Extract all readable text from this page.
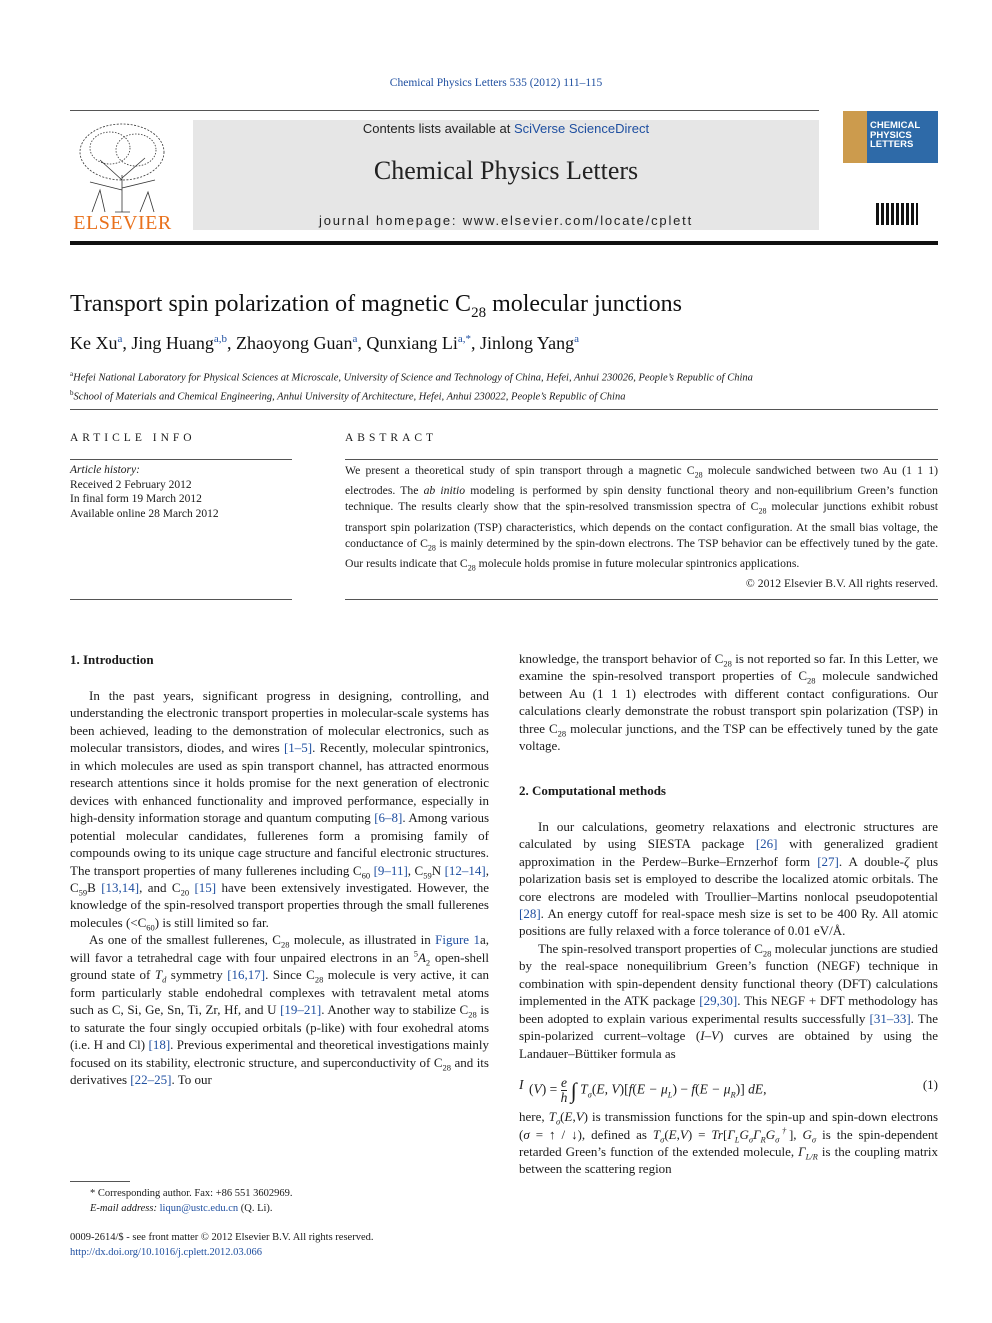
Chemical Physics Letters 535 (2012) 111–115
ELSEVIER
Contents lists available at SciVerse ScienceDirect
Chemical Physics Letters
journal homepage: www.elsevier.com/locate/cplett
CHEMICAL
PHYSICS
LETTERS
Transport spin polarization of magnetic $C_{28}$ molecular junctions
Ke Xu$^a$, Jing Huang$^{a,b}$, Zhaoyong Guan$^a$, Qunxiang $Li^{a,*}$, Jinlong Yang$^a$
$^a$Hefei National Laboratory for Physical Sciences at Microscale, University of Science and Technology of China, Hefei, Anhui 230026, People’s Republic of China
$^b$School of Materials and Chemical Engineering, Anhui University of Architecture, Hefei, Anhui 230022, People’s Republic of China
ARTICLE INFO	ABSTRACT
Article history:
Received 2 February 2012
In final form 19 March 2012
Available online 28 March 2012

We present a theoretical study of spin transport through a magnetic $C_{28}$ molecule sandwiched between two Au (1 1 1) electrodes. The ab initio modeling is performed by spin density functional theory and non-equilibrium Green’s function technique. The results clearly show that the spin-resolved transmission spectra of $C_{28}$ molecular junctions exhibit robust transport spin polarization (TSP) characteristics, which depends on the contact configuration. At the small bias voltage, the conductance of $C_{28}$ is mainly determined by the spin-down electrons. The TSP behavior can be effectively tuned by the gate. Our results indicate that $C_{28}$ molecule holds promise in future molecular spintronics applications.

© 2012 Elsevier B.V. All rights reserved.

1. Introduction

In the past years, significant progress in designing, controlling, and understanding the electronic transport properties in molecular-scale systems has been achieved, leading to the demonstration of molecular electronics, such as molecular transistors, diodes, and wires [1–5]. Recently, molecular spintronics, in which molecules are used as spin transport channel, has attracted enormous research attentions since it holds promise for the next generation of electronic devices with enhanced functionality and improved performance, especially in high-density information storage and quantum computing [6–8]. Among various potential molecular candidates, fullerenes form a promising family of compounds owing to its unique cage structure and fanciful electronic structures. The transport properties of many fullerenes including $C_{60}$ [9–11], $C_{59}N$ [12–14], $C_{59}B$ [13,14], and $C_{20}$ [15] have been extensively investigated. However, the knowledge of the spin-resolved transport properties through the small fullerenes molecules $(<C_{60})$ is still limited so far.

As one of the smallest fullerenes, $C_{28}$ molecule, as illustrated in Figure 1a, will favor a tetrahedral cage with four unpaired electrons in an $^5A_2$ open-shell ground state of $T_d$ symmetry [16,17]. Since $C_{28}$ molecule is very active, it can form particularly stable endohedral complexes with tetravalent metal atoms such as C, Si, Ge, Sn, Ti, Zr, Hf, and U [19–21]. Another way to stabilize $C_{28}$ is to saturate the four singly occupied orbitals (p-like) with four exohedral atoms (i.e. H and Cl) [18]. Previous experimental and theoretical investigations mainly focused on its stability, electronic structure, and superconductivity of $C_{28}$ and its derivatives [22–25]. To our

knowledge, the transport behavior of $C_{28}$ is not reported so far. In this Letter, we examine the spin-resolved transport properties of $C_{28}$ molecule sandwiched between Au (1 1 1) electrodes with different contact configurations. Our calculations clearly demonstrate the robust transport spin polarization (TSP) in three $C_{28}$ molecular junctions, and the TSP can be effectively tuned by the gate voltage.

2. Computational methods

In our calculations, geometry relaxations and electronic structures are calculated by using SIESTA package [26] with generalized gradient approximation in the Perdew–Burke–Ernzerhof form [27]. A double-ζ plus polarization basis set is employed to describe the localized atomic orbitals. The core electrons are modeled with Troullier–Martins nonlocal pseudopotential [28]. An energy cutoff for real-space mesh size is set to be 400 Ry. All atomic positions are fully relaxed with a force tolerance of 0.01 eV/Å.

The spin-resolved transport properties of $C_{28}$ molecular junctions are studied by the real-space nonequilibrium Green’s function (NEGF) technique in combination with spin-dependent density functional theory (DFT) calculations implemented in the ATK package [29,30]. This NEGF + DFT methodology has been adopted to explain various experimental results successfully [31–33]. The spin-polarized current–voltage (I–V) curves are obtained by using the Landauer–Büttiker formula as

I $(V) = \frac{e}{h}$ ∫ $T_\sigma(E$, $V)[f(E - \mu_L) - f(E - \mu_R)]$ dE,	(1)

here, $T_\sigma(E,V)$ is transmission functions for the spin-up and spin-down electrons (σ = ↑ / ↓), defined as $T_\sigma(E,V) = Tr[\Gamma_LG_\sigma\Gamma_RG_\sigma^\dagger]$, $G_\sigma$ is the spin-dependent retarded Green’s function of the extended molecule, $\Gamma_{L/R}$ is the coupling matrix between the scattering region

* Corresponding author. Fax: +86 551 3602969.
E-mail address: liqun@ustc.edu.cn (Q. Li).
0009-2614/$ - see front matter © 2012 Elsevier B.V. All rights reserved.
http://dx.doi.org/10.1016/j.cplett.2012.03.066
